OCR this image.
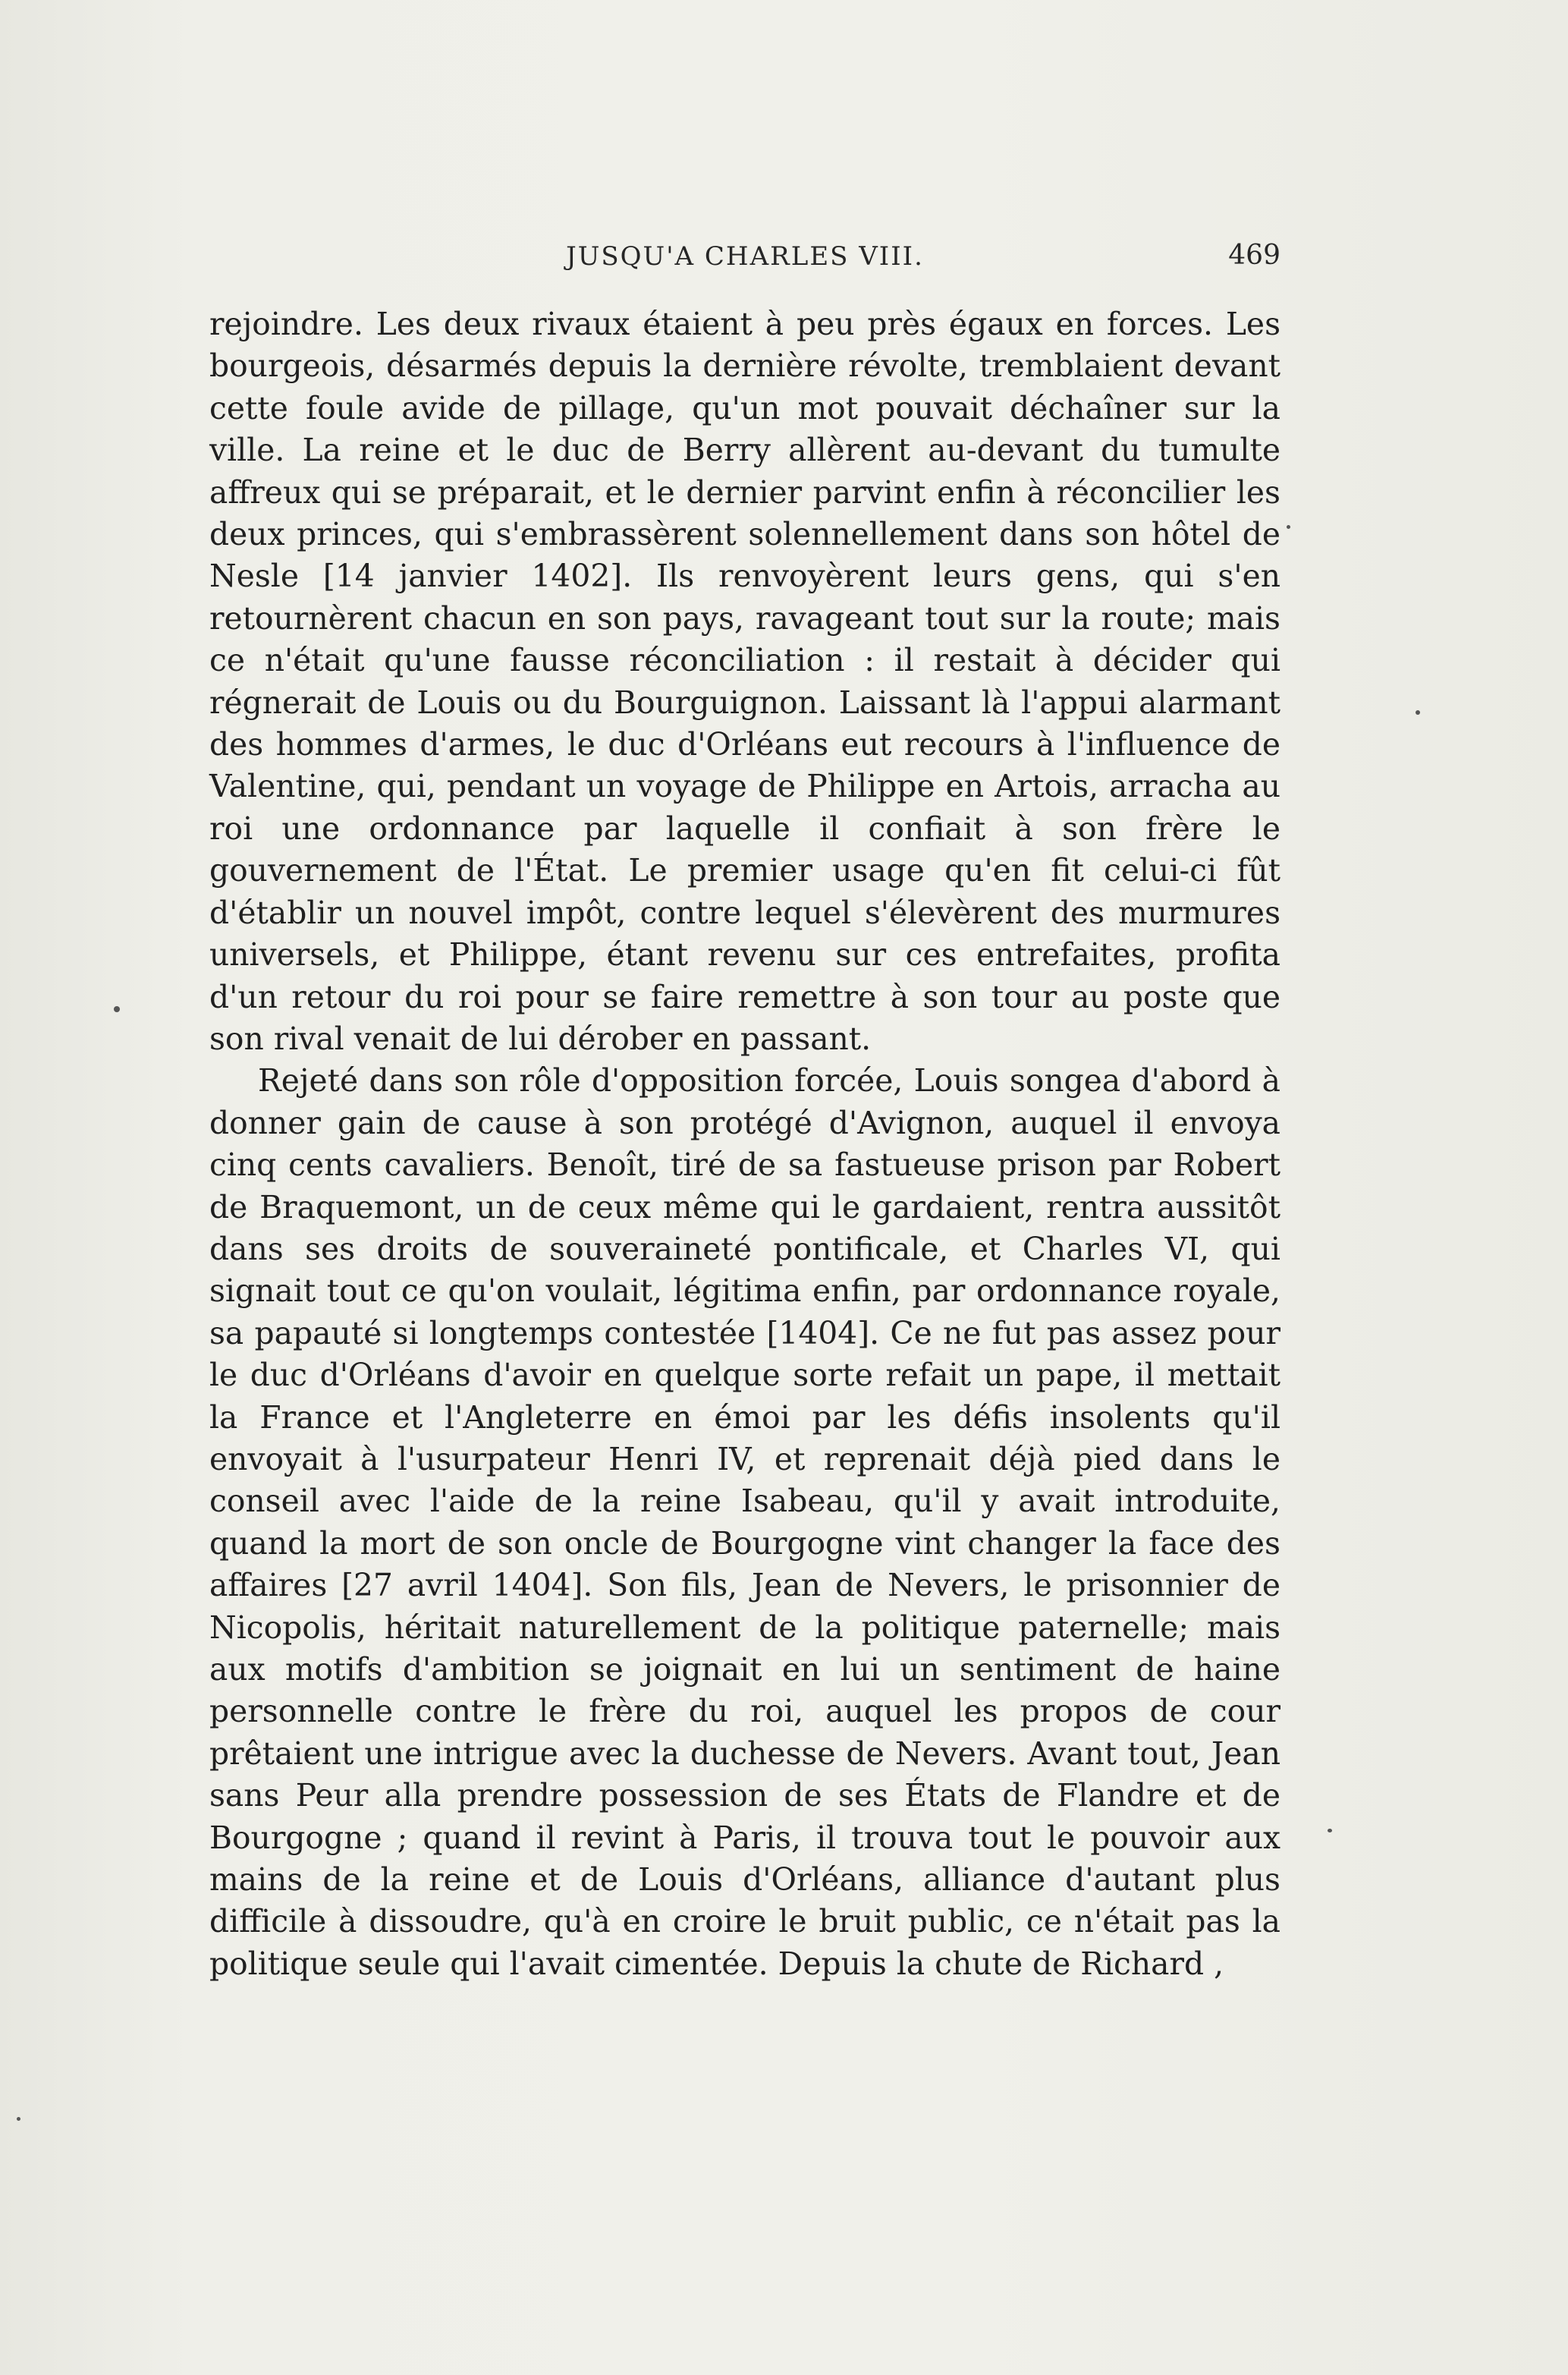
JUSQU'A CHARLES VIII.	469

rejoindre. Les deux rivaux étaient à peu près égaux en forces. Les bourgeois, désarmés depuis la dernière révolte, tremblaient devant cette foule avide de pillage, qu'un mot pouvait déchaîner sur la ville. La reine et le duc de Berry allèrent au-devant du tumulte affreux qui se préparait, et le dernier parvint enfin à réconcilier les deux princes, qui s'embrassèrent solennellement dans son hôtel de Nesle [14 janvier 1402]. Ils renvoyèrent leurs gens, qui s'en retournèrent chacun en son pays, ravageant tout sur la route; mais ce n'était qu'une fausse réconciliation : il restait à décider qui régnerait de Louis ou du Bourguignon. Laissant là l'appui alarmant des hommes d'armes, le duc d'Orléans eut recours à l'influence de Valentine, qui, pendant un voyage de Philippe en Artois, arracha au roi une ordonnance par laquelle il confiait à son frère le gouvernement de l'État. Le premier usage qu'en fit celui-ci fût d'établir un nouvel impôt, contre lequel s'élevèrent des murmures universels, et Philippe, étant revenu sur ces entrefaites, profita d'un retour du roi pour se faire remettre à son tour au poste que son rival venait de lui dérober en passant.

Rejeté dans son rôle d'opposition forcée, Louis songea d'abord à donner gain de cause à son protégé d'Avignon, auquel il envoya cinq cents cavaliers. Benoît, tiré de sa fastueuse prison par Robert de Braquemont, un de ceux même qui le gardaient, rentra aussitôt dans ses droits de souveraineté pontificale, et Charles VI, qui signait tout ce qu'on voulait, légitima enfin, par ordonnance royale, sa papauté si longtemps contestée [1404]. Ce ne fut pas assez pour le duc d'Orléans d'avoir en quelque sorte refait un pape, il mettait la France et l'Angleterre en émoi par les défis insolents qu'il envoyait à l'usurpateur Henri IV, et reprenait déjà pied dans le conseil avec l'aide de la reine Isabeau, qu'il y avait introduite, quand la mort de son oncle de Bourgogne vint changer la face des affaires [27 avril 1404]. Son fils, Jean de Nevers, le prisonnier de Nicopolis, héritait naturellement de la politique paternelle; mais aux motifs d'ambition se joignait en lui un sentiment de haine personnelle contre le frère du roi, auquel les propos de cour prêtaient une intrigue avec la duchesse de Nevers. Avant tout, Jean sans Peur alla prendre possession de ses États de Flandre et de Bourgogne ; quand il revint à Paris, il trouva tout le pouvoir aux mains de la reine et de Louis d'Orléans, alliance d'autant plus difficile à dissoudre, qu'à en croire le bruit public, ce n'était pas la politique seule qui l'avait cimentée. Depuis la chute de Richard ,
